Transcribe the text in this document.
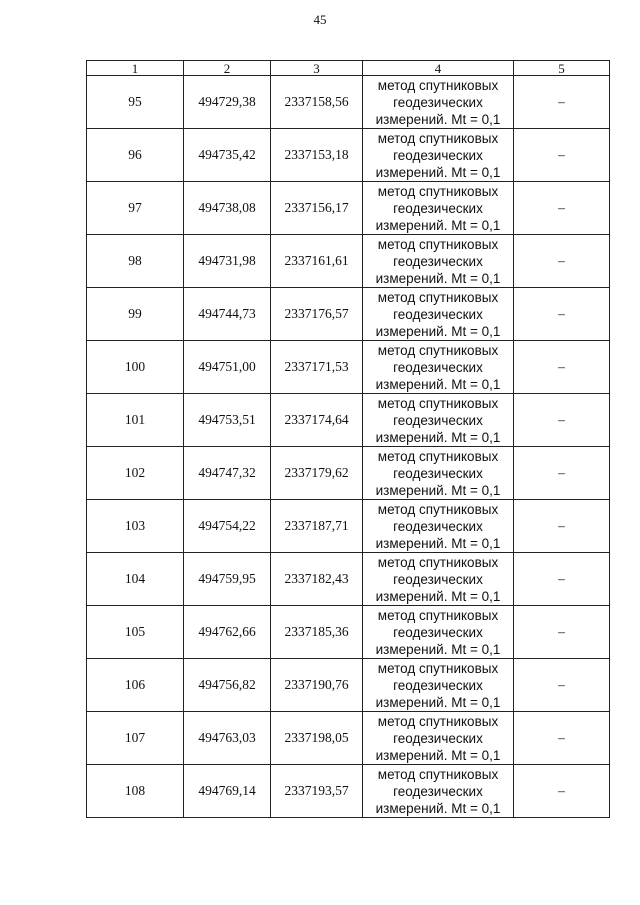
45
1	2	3	4	5
95	494729,38	2337158,56	метод спутниковых
геодезических
измерений. Mt = 0,1	–
96	494735,42	2337153,18	метод спутниковых
геодезических
измерений. Mt = 0,1	–
97	494738,08	2337156,17	метод спутниковых
геодезических
измерений. Mt = 0,1	–
98	494731,98	2337161,61	метод спутниковых
геодезических
измерений. Mt = 0,1	–
99	494744,73	2337176,57	метод спутниковых
геодезических
измерений. Mt = 0,1	–
100	494751,00	2337171,53	метод спутниковых
геодезических
измерений. Mt = 0,1	–
101	494753,51	2337174,64	метод спутниковых
геодезических
измерений. Mt = 0,1	–
102	494747,32	2337179,62	метод спутниковых
геодезических
измерений. Mt = 0,1	–
103	494754,22	2337187,71	метод спутниковых
геодезических
измерений. Mt = 0,1	–
104	494759,95	2337182,43	метод спутниковых
геодезических
измерений. Mt = 0,1	–
105	494762,66	2337185,36	метод спутниковых
геодезических
измерений. Mt = 0,1	–
106	494756,82	2337190,76	метод спутниковых
геодезических
измерений. Mt = 0,1	–
107	494763,03	2337198,05	метод спутниковых
геодезических
измерений. Mt = 0,1	–
108	494769,14	2337193,57	метод спутниковых
геодезических
измерений. Mt = 0,1	–
